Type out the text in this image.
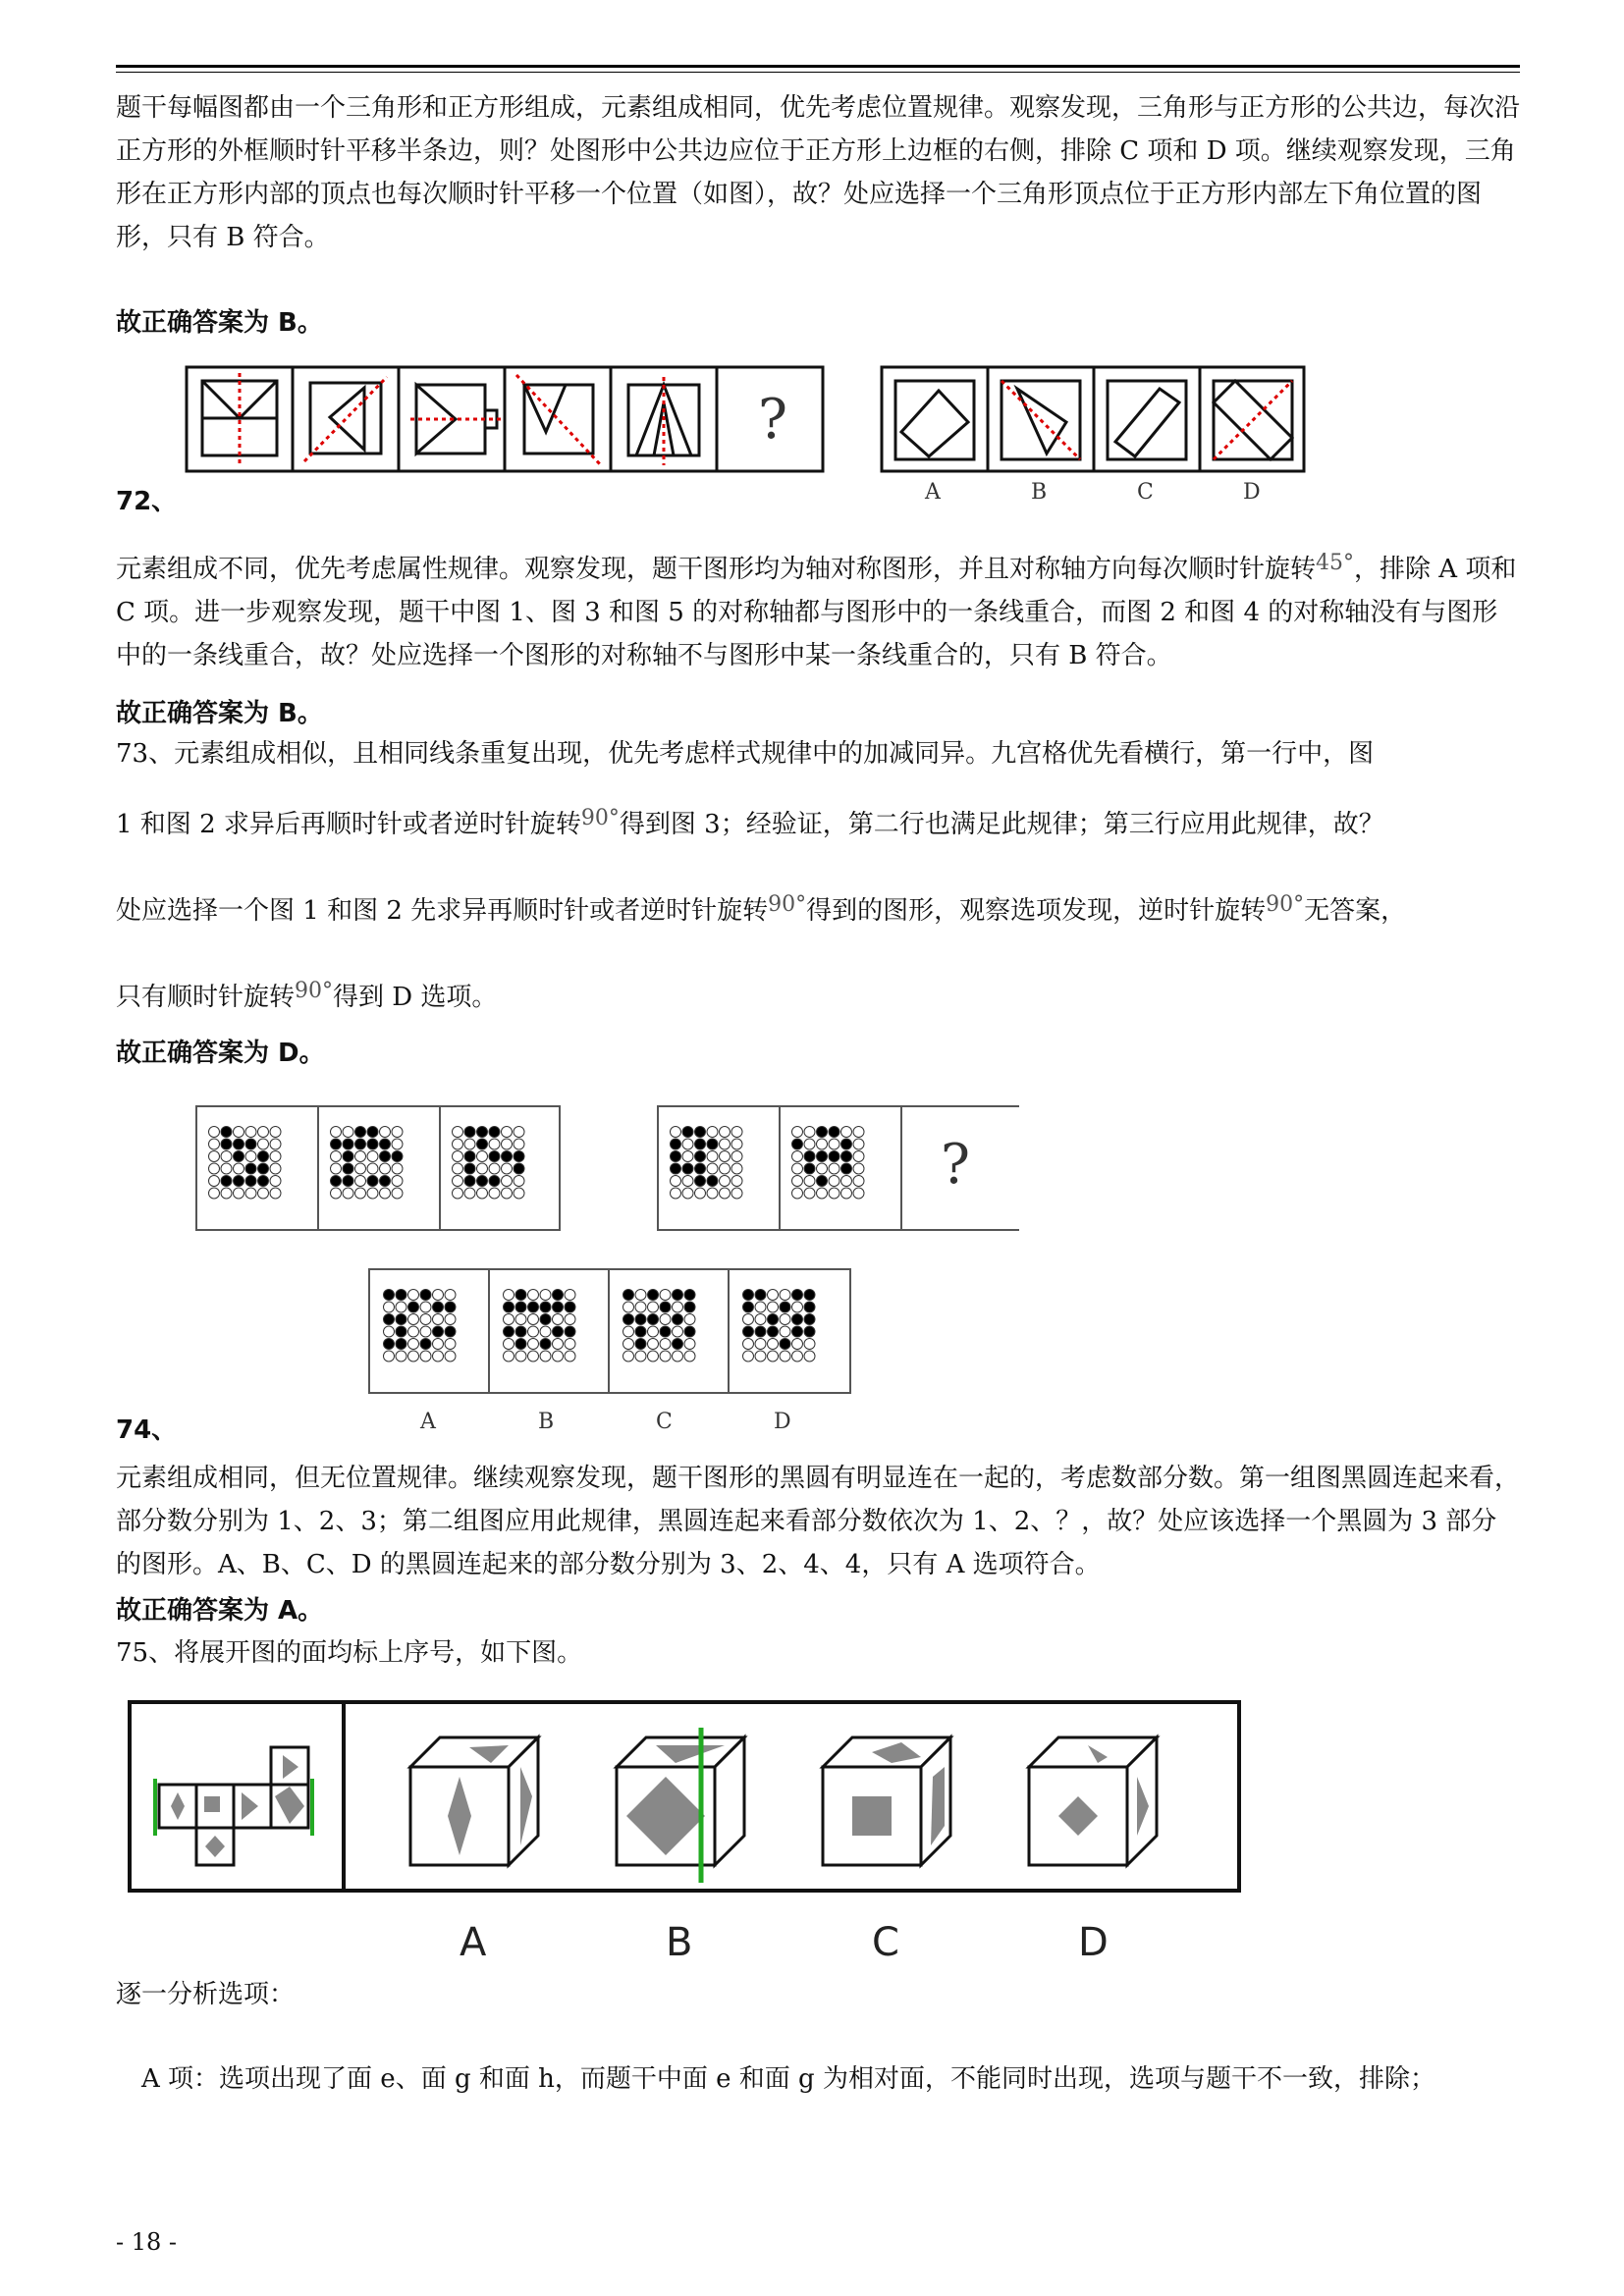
题干每幅图都由一个三角形和正方形组成，元素组成相同，优先考虑位置规律。观察发现，三角形与正方形的公共边，每次沿正方形的外框顺时针平移半条边，则？处图形中公共边应位于正方形上边框的右侧，排除 C 项和 D 项。继续观察发现，三角形在正方形内部的顶点也每次顺时针平移一个位置（如图），故？处应选择一个三角形顶点位于正方形内部左下角位置的图形，只有 B 符合。

故正确答案为 B。

?
A	B	C	D

72、

元素组成不同，优先考虑属性规律。观察发现，题干图形均为轴对称图形，并且对称轴方向每次顺时针旋转$^{45^\circ}$，排除 A 项和 C 项。进一步观察发现，题干中图 1、图 3 和图 5 的对称轴都与图形中的一条线重合，而图 2 和图 4 的对称轴没有与图形中的一条线重合，故？处应选择一个图形的对称轴不与图形中某一条线重合的，只有 B 符合。

故正确答案为 B。

73、元素组成相似，且相同线条重复出现，优先考虑样式规律中的加减同异。九宫格优先看横行，第一行中，图

1 和图 2 求异后再顺时针或者逆时针旋转$^{90^\circ}$得到图 3；经验证，第二行也满足此规律；第三行应用此规律，故？

处应选择一个图 1 和图 2 先求异再顺时针或者逆时针旋转$^{90^\circ}$得到的图形，观察选项发现，逆时针旋转$^{90^\circ}$无答案，

只有顺时针旋转$^{90^\circ}$得到 D 选项。

故正确答案为 D。

?
A	B	C	D

74、

元素组成相同，但无位置规律。继续观察发现，题干图形的黑圆有明显连在一起的，考虑数部分数。第一组图黑圆连起来看，部分数分别为 1、2、3；第二组图应用此规律，黑圆连起来看部分数依次为 1、2、？，故？处应该选择一个黑圆为 3 部分的图形。A、B、C、D 的黑圆连起来的部分数分别为 3、2、4、4，只有 A 选项符合。

故正确答案为 A。

75、将展开图的面均标上序号，如下图。

A	B	C	D

逐一分析选项：

A 项：选项出现了面 e、面 g 和面 h，而题干中面 e 和面 g 为相对面，不能同时出现，选项与题干不一致，排除；

- 18 -
